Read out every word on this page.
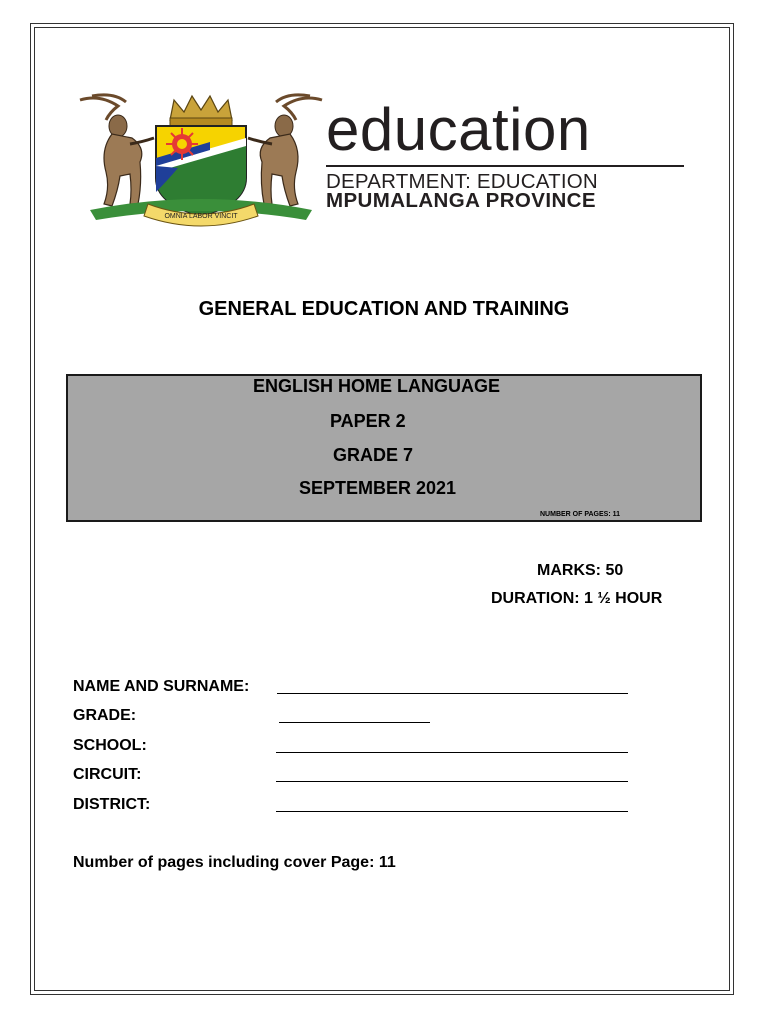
OMNIA LABOR VINCIT
education
DEPARTMENT: EDUCATION
MPUMALANGA PROVINCE
GENERAL EDUCATION AND TRAINING
ENGLISH HOME LANGUAGE
PAPER 2
GRADE 7
SEPTEMBER 2021
NUMBER OF PAGES: 11
MARKS: 50
DURATION: 1 ½ HOUR
NAME AND SURNAME:
GRADE:
SCHOOL:
CIRCUIT:
DISTRICT:
Number of pages including cover Page: 11
